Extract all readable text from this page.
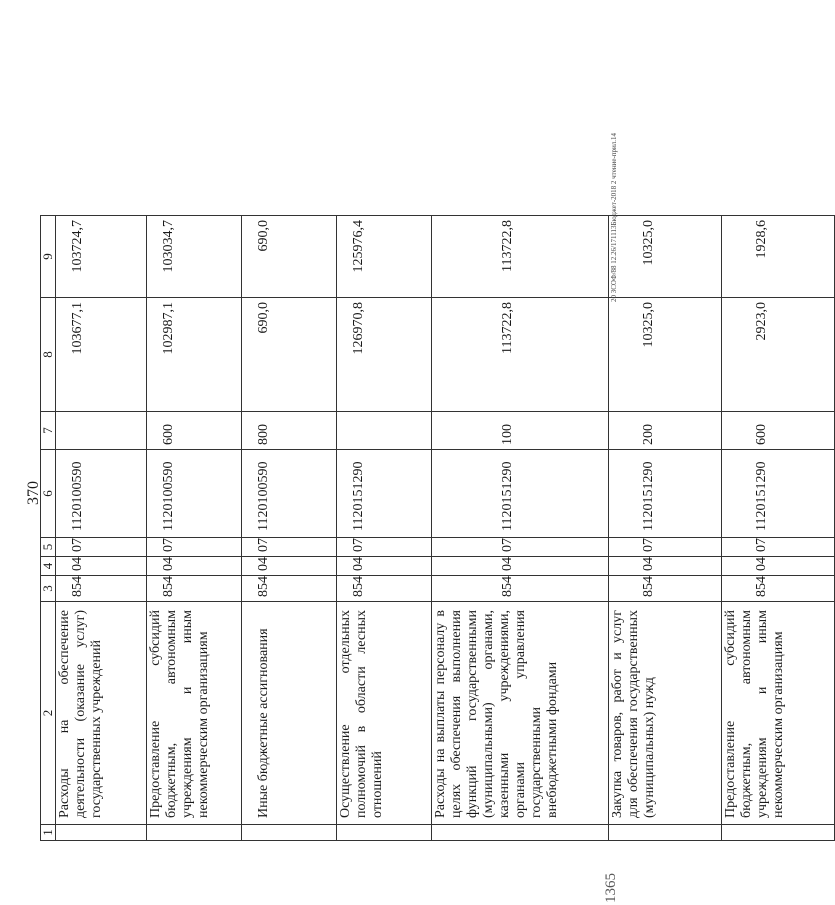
370
1	2	3	4	5	6	7	8	9
	Расходы на обеспечение деятельности (оказание услуг) государственных учреждений	854	04	07	1120100590		103677,1	103724,7
	Предоставление субсидий бюджетным, автономным учреждениям и иным некоммерческим организациям	854	04	07	1120100590	600	102987,1	103034,7
	Иные бюджетные ассигнования	854	04	07	1120100590	800	690,0	690,0
	Осуществление отдельных полномочий в области лесных отношений	854	04	07	1120151290		126970,8	125976,4
	Расходы на выплаты персоналу в целях обеспечения выполнения функций государственными (муниципальными) органами, казенными учреждениями, органами управления государственными внебюджетными фондами	854	04	07	1120151290	100	113722,8	113722,8
	Закупка товаров, работ и услуг для обеспечения государственных (муниципальных) нужд	854	04	07	1120151290	200	10325,0	10325,0
	Предоставление субсидий бюджетным, автономным учреждениям и иным некоммерческим организациям	854	04	07	1120151290	600	2923,0	1928,6
20 ЗСОФ/88 12.26/171113Бюджет-2018 2 чтение-прил.14
1365
